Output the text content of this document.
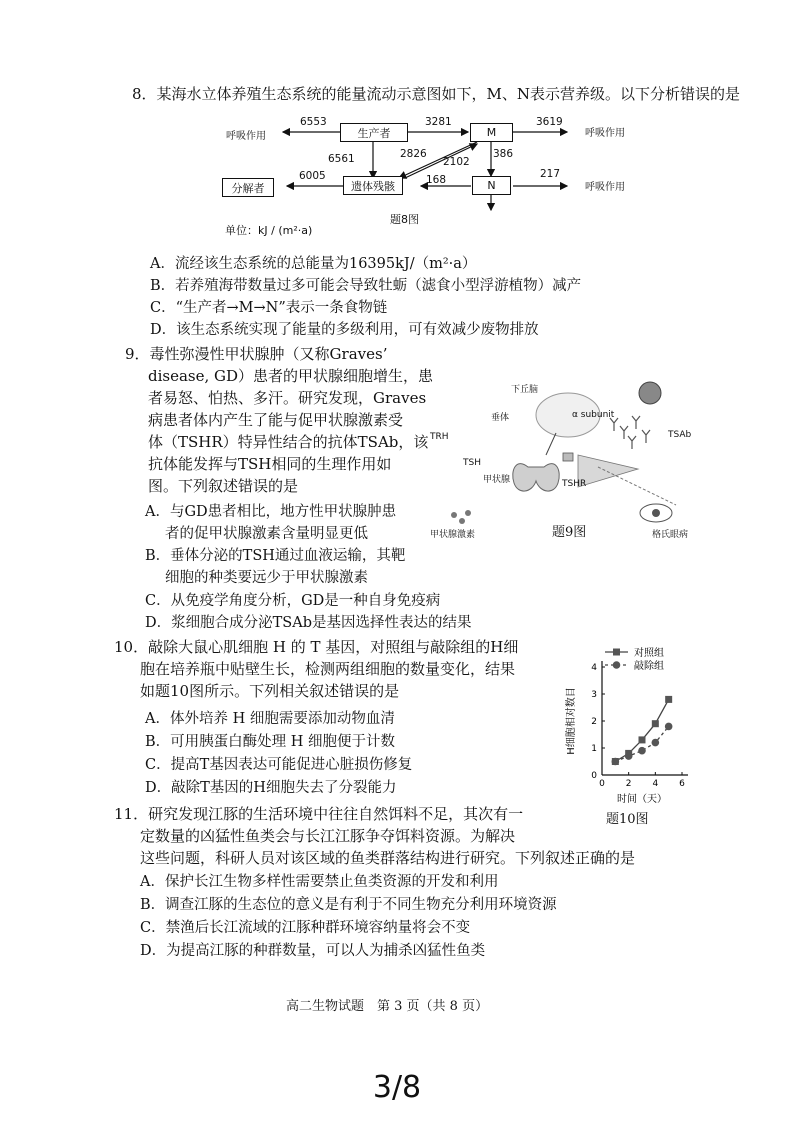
8．某海水立体养殖生态系统的能量流动示意图如下，M、N表示营养级。以下分析错误的是
生产者	M
分解者	遗体残骸	N
呼吸作用	呼吸作用
呼吸作用
6553	3281	3619
6561	2826
2102
386
6005	168	217
题8图
单位：kJ / (m²·a)
A．流经该生态系统的总能量为16395kJ/（m²·a）
B．若养殖海带数量过多可能会导致牡蛎（滤食小型浮游植物）减产
C．“生产者→M→N”表示一条食物链
D．该生态系统实现了能量的多级利用，可有效减少废物排放
9．毒性弥漫性甲状腺肿（又称Graves’
disease, GD）患者的甲状腺细胞增生，患
者易怒、怕热、多汗。研究发现，Graves
病患者体内产生了能与促甲状腺激素受
体（TSHR）特异性结合的抗体TSAb，该
抗体能发挥与TSH相同的生理作用如
图。下列叙述错误的是
下丘脑
垂体	α subunit
TSAb
TRH
TSH
甲状腺	TSHR
甲状腺激素	格氏眼病
题9图
A．与GD患者相比，地方性甲状腺肿患
者的促甲状腺激素含量明显更低
B．垂体分泌的TSH通过血液运输，其靶
细胞的种类要远少于甲状腺激素
C．从免疫学角度分析，GD是一种自身免疫病
D．浆细胞合成分泌TSAb是基因选择性表达的结果
10．敲除大鼠心肌细胞 H 的 T 基因，对照组与敲除组的H细
胞在培养瓶中贴壁生长，检测两组细胞的数量变化，结果
如题10图所示。下列相关叙述错误的是
A．体外培养 H 细胞需要添加动物血清
B．可用胰蛋白酶处理 H 细胞便于计数
C．提高T基因表达可能促进心脏损伤修复
D．敲除T基因的H细胞失去了分裂能力	0 2 4 6
0
1
2
3
4
时间（天）
H细胞相对数目
对照组
敲除组
题10图
11．研究发现江豚的生活环境中往往自然饵料不足，其次有一
定数量的凶猛性鱼类会与长江江豚争夺饵料资源。为解决
这些问题，科研人员对该区域的鱼类群落结构进行研究。下列叙述正确的是
A．保护长江生物多样性需要禁止鱼类资源的开发和利用
B．调查江豚的生态位的意义是有利于不同生物充分利用环境资源
C．禁渔后长江流域的江豚种群环境容纳量将会不变
D．为提高江豚的种群数量，可以人为捕杀凶猛性鱼类
高二生物试题　第 3 页（共 8 页）
3/8
